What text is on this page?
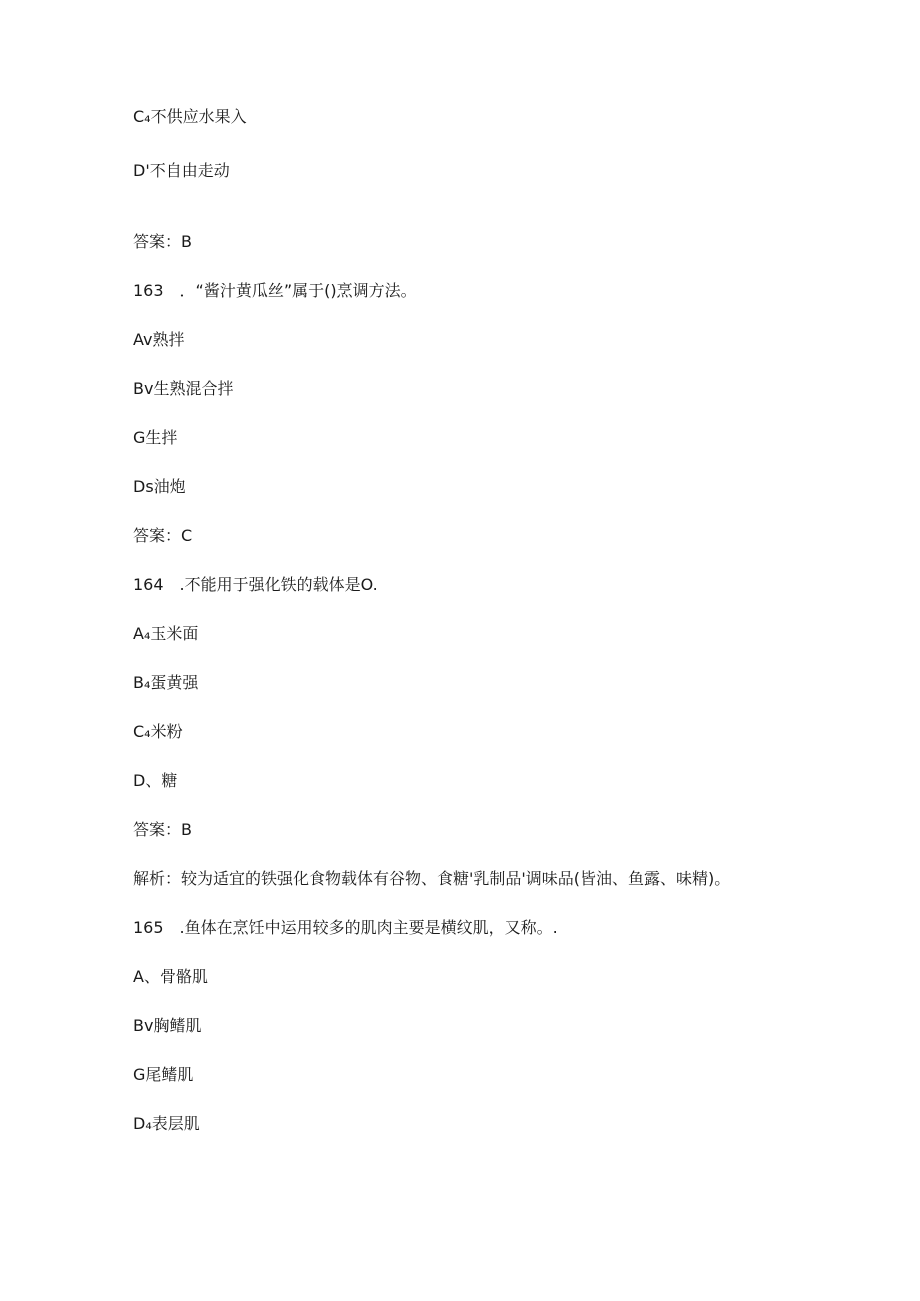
C₄不供应水果入
D'不自由走动
答案：B
163　．“酱汁黄瓜丝”属于()烹调方法。
Av熟拌
Bv生熟混合拌
G生拌
Ds油炮
答案：C
164　.不能用于强化铁的载体是O.
A₄玉米面
B₄蛋黄强
C₄米粉
D、糖
答案：B
解析：较为适宜的铁强化食物载体有谷物、食糖'乳制品'调味品(皆油、鱼露、味精)。
165　.鱼体在烹饪中运用较多的肌肉主要是横纹肌，又称。.
A、骨骼肌
Bv胸鳍肌
G尾鳍肌
D₄表层肌
